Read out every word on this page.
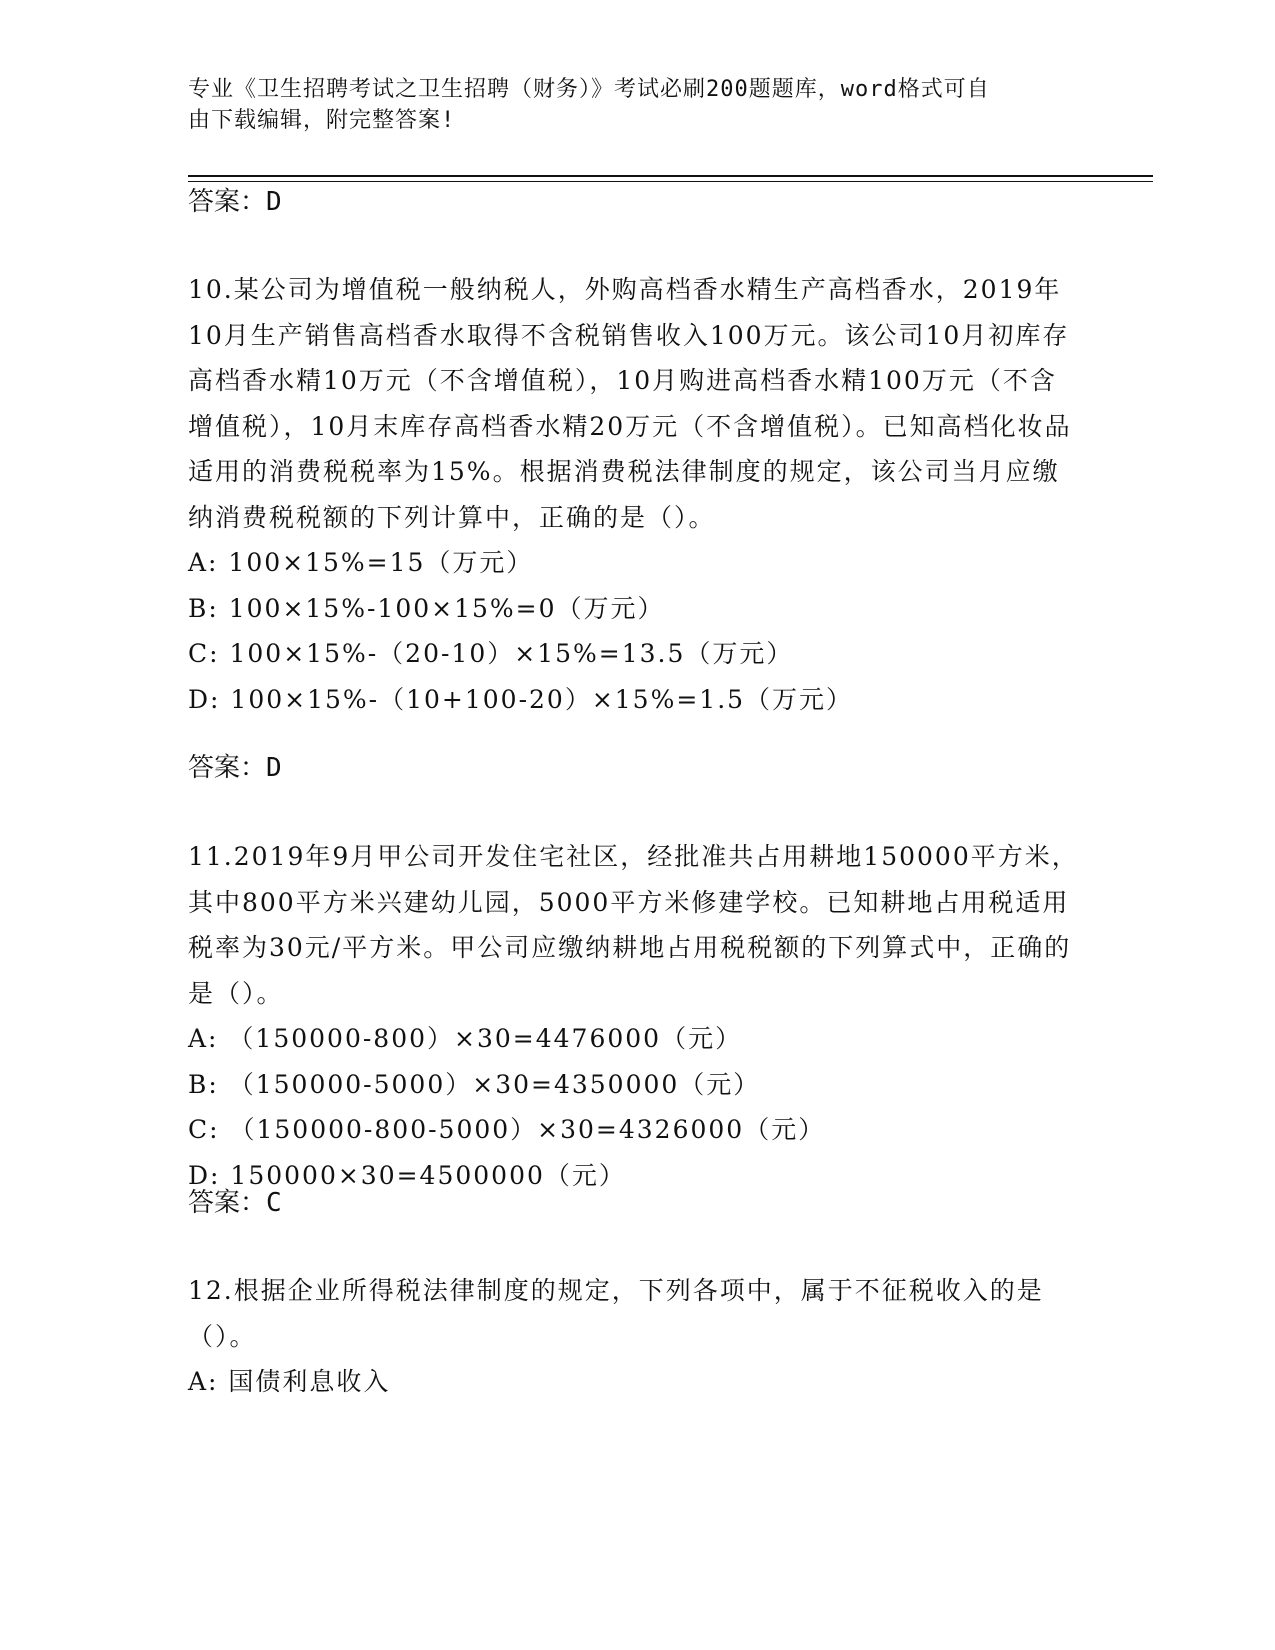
专业《卫生招聘考试之卫生招聘（财务）》考试必刷200题题库，word格式可自
由下载编辑，附完整答案!
答案：D

10.某公司为增值税一般纳税人，外购高档香水精生产高档香水，2019年10月生产销售高档香水取得不含税销售收入100万元。该公司10月初库存高档香水精10万元（不含增值税），10月购进高档香水精100万元（不含增值税），10月末库存高档香水精20万元（不含增值税）。已知高档化妆品适用的消费税税率为15%。根据消费税法律制度的规定，该公司当月应缴纳消费税税额的下列计算中，正确的是（）。

A: 100×15%=15（万元）

B: 100×15%-100×15%=0（万元）

C: 100×15%-（20-10）×15%=13.5（万元）

D: 100×15%-（10+100-20）×15%=1.5（万元）

答案：D

11.2019年9月甲公司开发住宅社区，经批准共占用耕地150000平方米，其中800平方米兴建幼儿园，5000平方米修建学校。已知耕地占用税适用税率为30元/平方米。甲公司应缴纳耕地占用税税额的下列算式中，正确的是（）。

A: （150000-800）×30=4476000（元）

B: （150000-5000）×30=4350000（元）

C: （150000-800-5000）×30=4326000（元）

D: 150000×30=4500000（元）

答案：C

12.根据企业所得税法律制度的规定，下列各项中，属于不征税收入的是（）。

A: 国债利息收入
